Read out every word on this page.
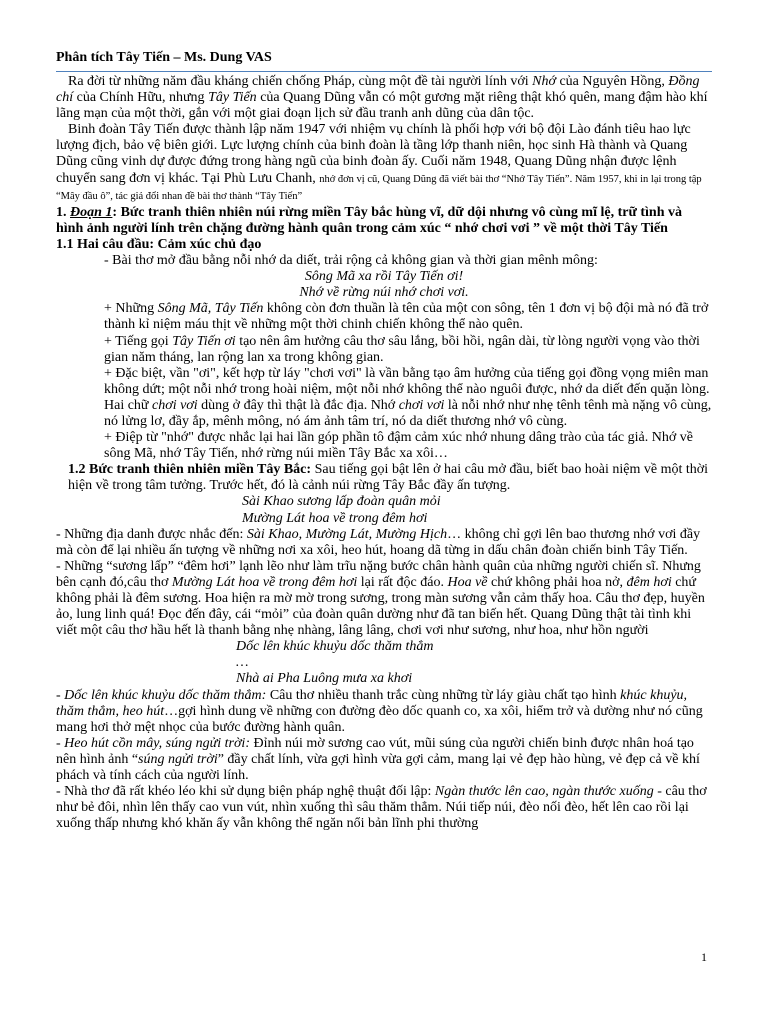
Phân tích Tây Tiến – Ms. Dung VAS

Ra đời từ những năm đầu kháng chiến chống Pháp, cùng một đề tài người lính với Nhớ của Nguyên Hồng, Đồng chí của Chính Hữu, nhưng Tây Tiến của Quang Dũng vẫn có một gương mặt riêng thật khó quên, mang đậm hào khí lãng mạn của một thời, gắn với một giai đoạn lịch sử đầu tranh anh dũng của dân tộc.

Binh đoàn Tây Tiến được thành lập năm 1947 với nhiệm vụ chính là phối hợp với bộ đội Lào đánh tiêu hao lực lượng địch, bảo vệ biên giới. Lực lượng chính của binh đoàn là tầng lớp thanh niên, học sinh Hà thành và Quang Dũng cũng vinh dự được đứng trong hàng ngũ của binh đoàn ấy. Cuối năm 1948, Quang Dũng nhận được lệnh chuyển sang đơn vị khác. Tại Phù Lưu Chanh, nhớ đơn vị cũ, Quang Dũng đã viết bài thơ “Nhớ Tây Tiến”. Năm 1957, khi in lại trong tập “Mây đầu ô”, tác giả đổi nhan đề bài thơ thành “Tây Tiến”

1. Đoạn 1: Bức tranh thiên nhiên núi rừng miền Tây bắc hùng vĩ, dữ dội nhưng vô cùng mĩ lệ, trữ tình và hình ảnh người lính trên chặng đường hành quân trong cảm xúc “ nhớ chơi vơi ” về một thời Tây Tiến

1.1 Hai câu đầu: Cảm xúc chủ đạo

- Bài thơ mở đầu bằng nỗi nhớ da diết, trải rộng cả không gian và thời gian mênh mông:

Sông Mã xa rồi Tây Tiến ơi!

Nhớ về rừng núi nhớ chơi vơi.

+ Những Sông Mã, Tây Tiến không còn đơn thuần là tên của một con sông, tên 1 đơn vị bộ đội mà nó đã trở thành kỉ niệm máu thịt về những một thời chinh chiến không thể nào quên.

+ Tiếng gọi Tây Tiến ơi tạo nên âm hưởng câu thơ sâu lắng, bồi hồi, ngân dài, từ lòng người vọng vào thời gian năm tháng, lan rộng lan xa trong không gian.

+ Đặc biệt, vần "ơi", kết hợp từ láy "chơi vơi" là vần bằng tạo âm hưởng của tiếng gọi đồng vọng miên man không dứt; một nỗi nhớ trong hoài niệm, một nỗi nhớ không thể nào nguôi được, nhớ da diết đến quặn lòng. Hai chữ chơi vơi dùng ở đây thì thật là đắc địa. Nhớ chơi vơi là nỗi nhớ như nhẹ tênh tênh mà nặng vô cùng, nó lửng lơ, đầy ắp, mênh mông, nó ám ảnh tâm trí, nó da diết thương nhớ vô cùng.

+ Điệp từ "nhớ" được nhắc lại hai lần góp phần tô đậm cảm xúc nhớ nhung dâng trào của tác giả. Nhớ về sông Mã, nhớ Tây Tiến, nhớ rừng núi miền Tây Bắc xa xôi…

1.2 Bức tranh thiên nhiên miền Tây Bắc: Sau tiếng gọi bật lên ở hai câu mở đầu, biết bao hoài niệm về một thời hiện về trong tâm tưởng. Trước hết, đó là cảnh núi rừng Tây Bắc đầy ấn tượng.

Sài Khao sương lấp đoàn quân mỏi

Mường Lát hoa về trong đêm hơi

- Những địa danh được nhắc đến: Sài Khao, Mường Lát, Mường Hịch… không chỉ gợi lên bao thương nhớ vơi đầy mà còn để lại nhiều ấn tượng về những nơi xa xôi, heo hút, hoang dã từng in dấu chân đoàn chiến binh Tây Tiến.

- Những “sương lấp” “đêm hơi” lạnh lẽo như làm trĩu nặng bước chân hành quân của những người chiến sĩ. Nhưng bên cạnh đó,câu thơ Mường Lát hoa về trong đêm hơi lại rất độc đáo. Hoa về chứ không phải hoa nở, đêm hơi chứ không phải là đêm sương. Hoa hiện ra mờ mờ trong sương, trong màn sương vẫn cảm thấy hoa. Câu thơ đẹp, huyền ảo, lung linh quá! Đọc đến đây, cái “mỏi” của đoàn quân dường như đã tan biến hết. Quang Dũng thật tài tình khi viết một câu thơ hầu hết là thanh bằng nhẹ nhàng, lâng lâng, chơi vơi như sương, như hoa, như hồn người

Dốc lên khúc khuỷu dốc thăm thẳm

…

Nhà ai Pha Luông mưa xa khơi

- Dốc lên khúc khuỷu dốc thăm thẳm: Câu thơ nhiều thanh trắc cùng những từ láy giàu chất tạo hình khúc khuỷu, thăm thẳm, heo hút…gợi hình dung về những con đường đèo dốc quanh co, xa xôi, hiểm trở và dường như nó cũng mang hơi thở mệt nhọc của bước đường hành quân.

- Heo hút cồn mây, súng ngửi trời: Đỉnh núi mờ sương cao vút, mũi súng của người chiến binh được nhân hoá tạo nên hình ảnh “súng ngửi trời” đầy chất lính, vừa gợi hình vừa gợi cảm, mang lại vẻ đẹp hào hùng, vẻ đẹp cả về khí phách và tính cách của người lính.

- Nhà thơ đã rất khéo léo khi sử dụng biện pháp nghệ thuật đối lập: Ngàn thước lên cao, ngàn thước xuống - câu thơ như bẻ đôi, nhìn lên thấy cao vun vút, nhìn xuống thì sâu thăm thẳm. Núi tiếp núi, đèo nối đèo, hết lên cao rồi lại xuống thấp nhưng khó khăn ấy vẫn không thể ngăn nổi bản lĩnh phi thường

1
